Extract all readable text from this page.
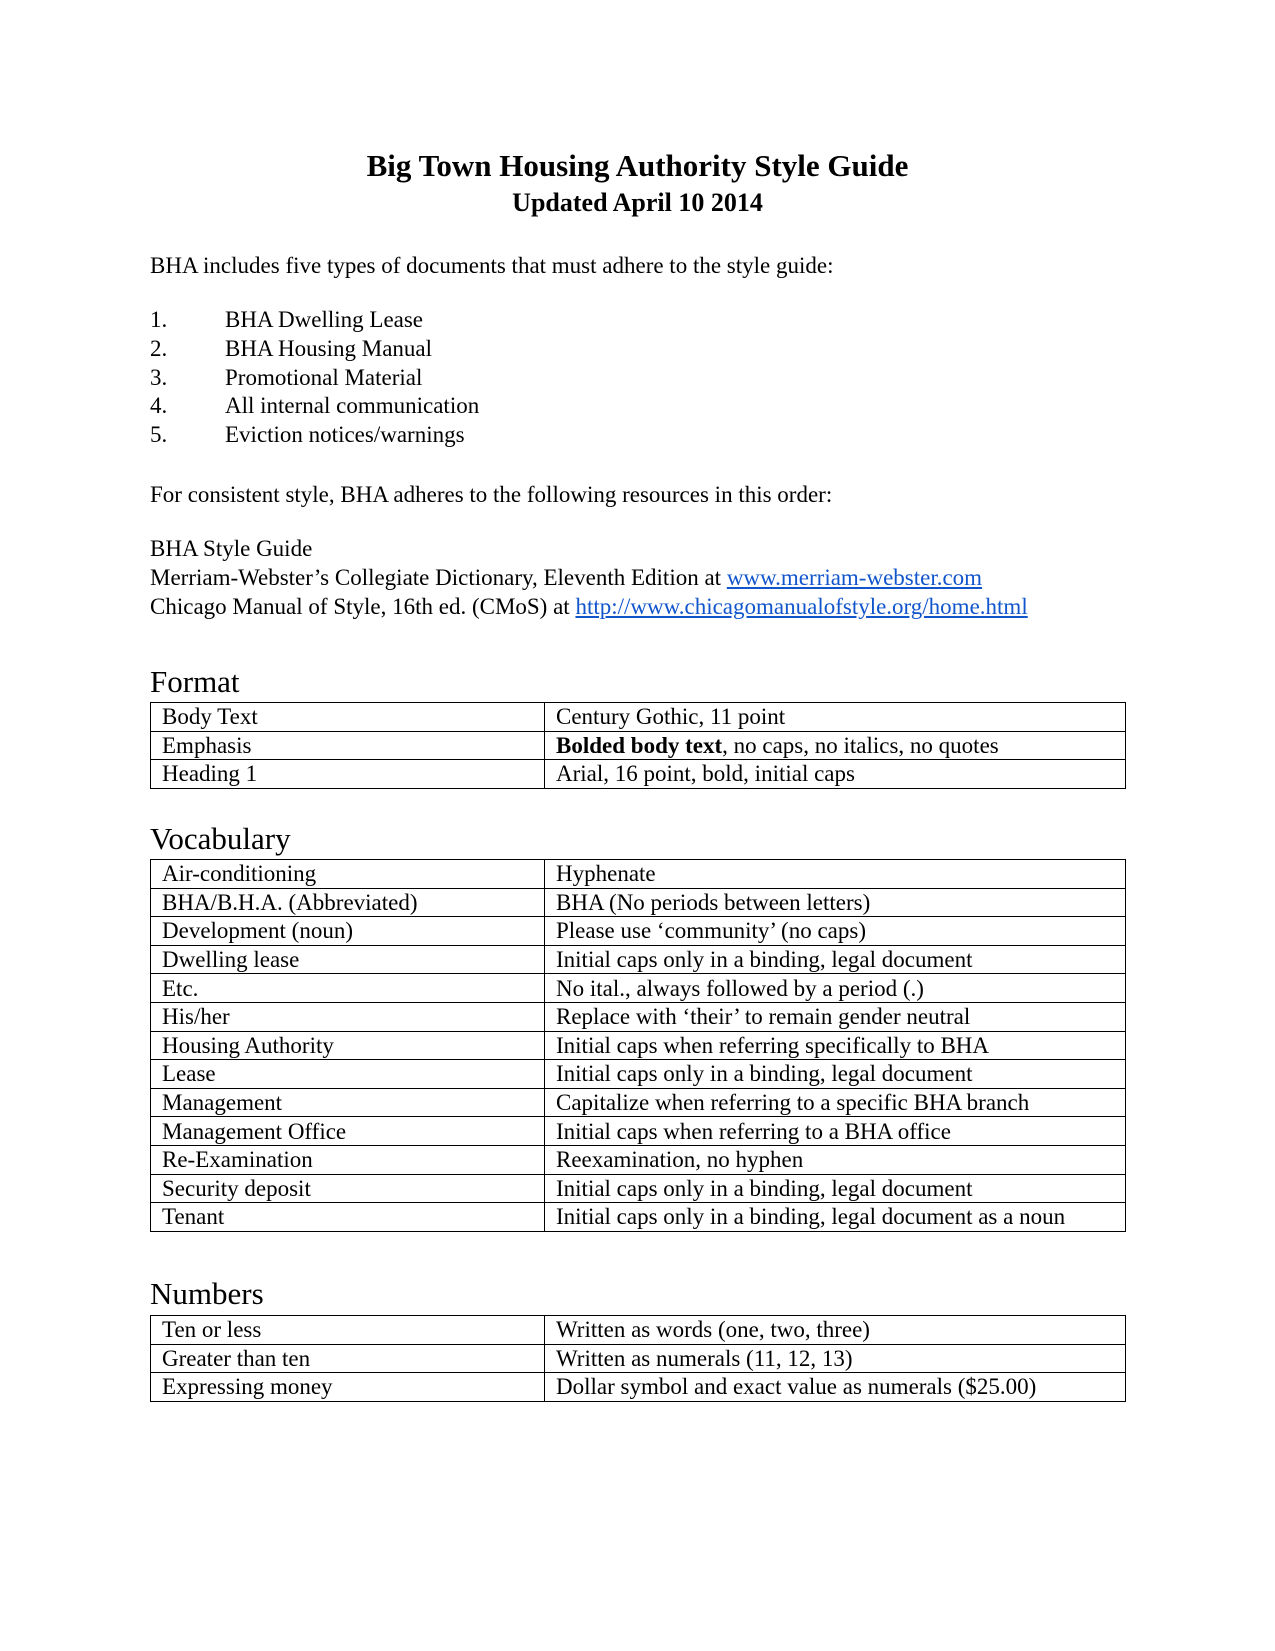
Big Town Housing Authority Style Guide
Updated April 10 2014
BHA includes five types of documents that must adhere to the style guide:
1.	BHA Dwelling Lease
2.	BHA Housing Manual
3.	Promotional Material
4.	All internal communication
5.	Eviction notices/warnings
For consistent style, BHA adheres to the following resources in this order:
BHA Style Guide
Merriam-Webster’s Collegiate Dictionary, Eleventh Edition at www.merriam-webster.com
Chicago Manual of Style, 16th ed. (CMoS) at http://www.chicagomanualofstyle.org/home.html
Format
Body Text	Century Gothic, 11 point
Emphasis	Bolded body text, no caps, no italics, no quotes
Heading 1	Arial, 16 point, bold, initial caps
Vocabulary
Air-conditioning	Hyphenate
BHA/B.H.A. (Abbreviated)	BHA (No periods between letters)
Development (noun)	Please use ‘community’ (no caps)
Dwelling lease	Initial caps only in a binding, legal document
Etc.	No ital., always followed by a period (.)
His/her	Replace with ‘their’ to remain gender neutral
Housing Authority	Initial caps when referring specifically to BHA
Lease	Initial caps only in a binding, legal document
Management	Capitalize when referring to a specific BHA branch
Management Office	Initial caps when referring to a BHA office
Re-Examination	Reexamination, no hyphen
Security deposit	Initial caps only in a binding, legal document
Tenant	Initial caps only in a binding, legal document as a noun
Numbers
Ten or less	Written as words (one, two, three)
Greater than ten	Written as numerals (11, 12, 13)
Expressing money	Dollar symbol and exact value as numerals ($25.00)
